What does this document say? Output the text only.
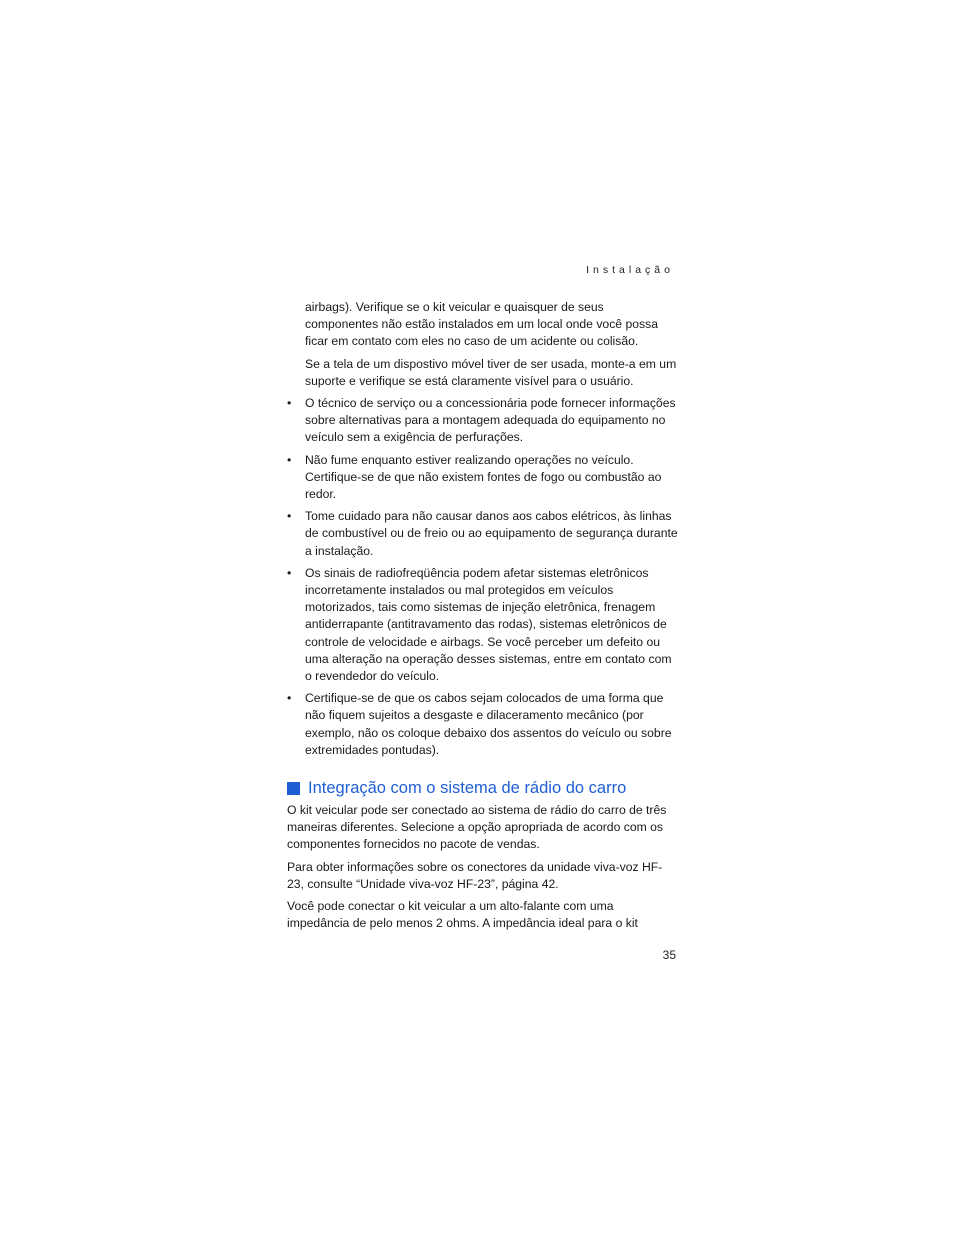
Instalação

airbags). Verifique se o kit veicular e quaisquer de seus componentes não estão instalados em um local onde você possa ficar em contato com eles no caso de um acidente ou colisão.

Se a tela de um dispostivo móvel tiver de ser usada, monte-a em um suporte e verifique se está claramente visível para o usuário.

•	O técnico de serviço ou a concessionária pode fornecer informações sobre alternativas para a montagem adequada do equipamento no veículo sem a exigência de perfurações.
•	Não fume enquanto estiver realizando operações no veículo. Certifique-se de que não existem fontes de fogo ou combustão ao redor.
•	Tome cuidado para não causar danos aos cabos elétricos, às linhas de combustível ou de freio ou ao equipamento de segurança durante a instalação.
•	Os sinais de radiofreqüência podem afetar sistemas eletrônicos incorretamente instalados ou mal protegidos em veículos motorizados, tais como sistemas de injeção eletrônica, frenagem antiderrapante (antitravamento das rodas), sistemas eletrônicos de controle de velocidade e airbags. Se você perceber um defeito ou uma alteração na operação desses sistemas, entre em contato com o revendedor do veículo.
•	Certifique-se de que os cabos sejam colocados de uma forma que não fiquem sujeitos a desgaste e dilaceramento mecânico (por exemplo, não os coloque debaixo dos assentos do veículo ou sobre extremidades pontudas).
Integração com o sistema de rádio do carro

O kit veicular pode ser conectado ao sistema de rádio do carro de três maneiras diferentes. Selecione a opção apropriada de acordo com os componentes fornecidos no pacote de vendas.

Para obter informações sobre os conectores da unidade viva-voz HF-23, consulte “Unidade viva-voz HF-23”, página 42.

Você pode conectar o kit veicular a um alto-falante com uma impedância de pelo menos 2 ohms. A impedância ideal para o kit

35
